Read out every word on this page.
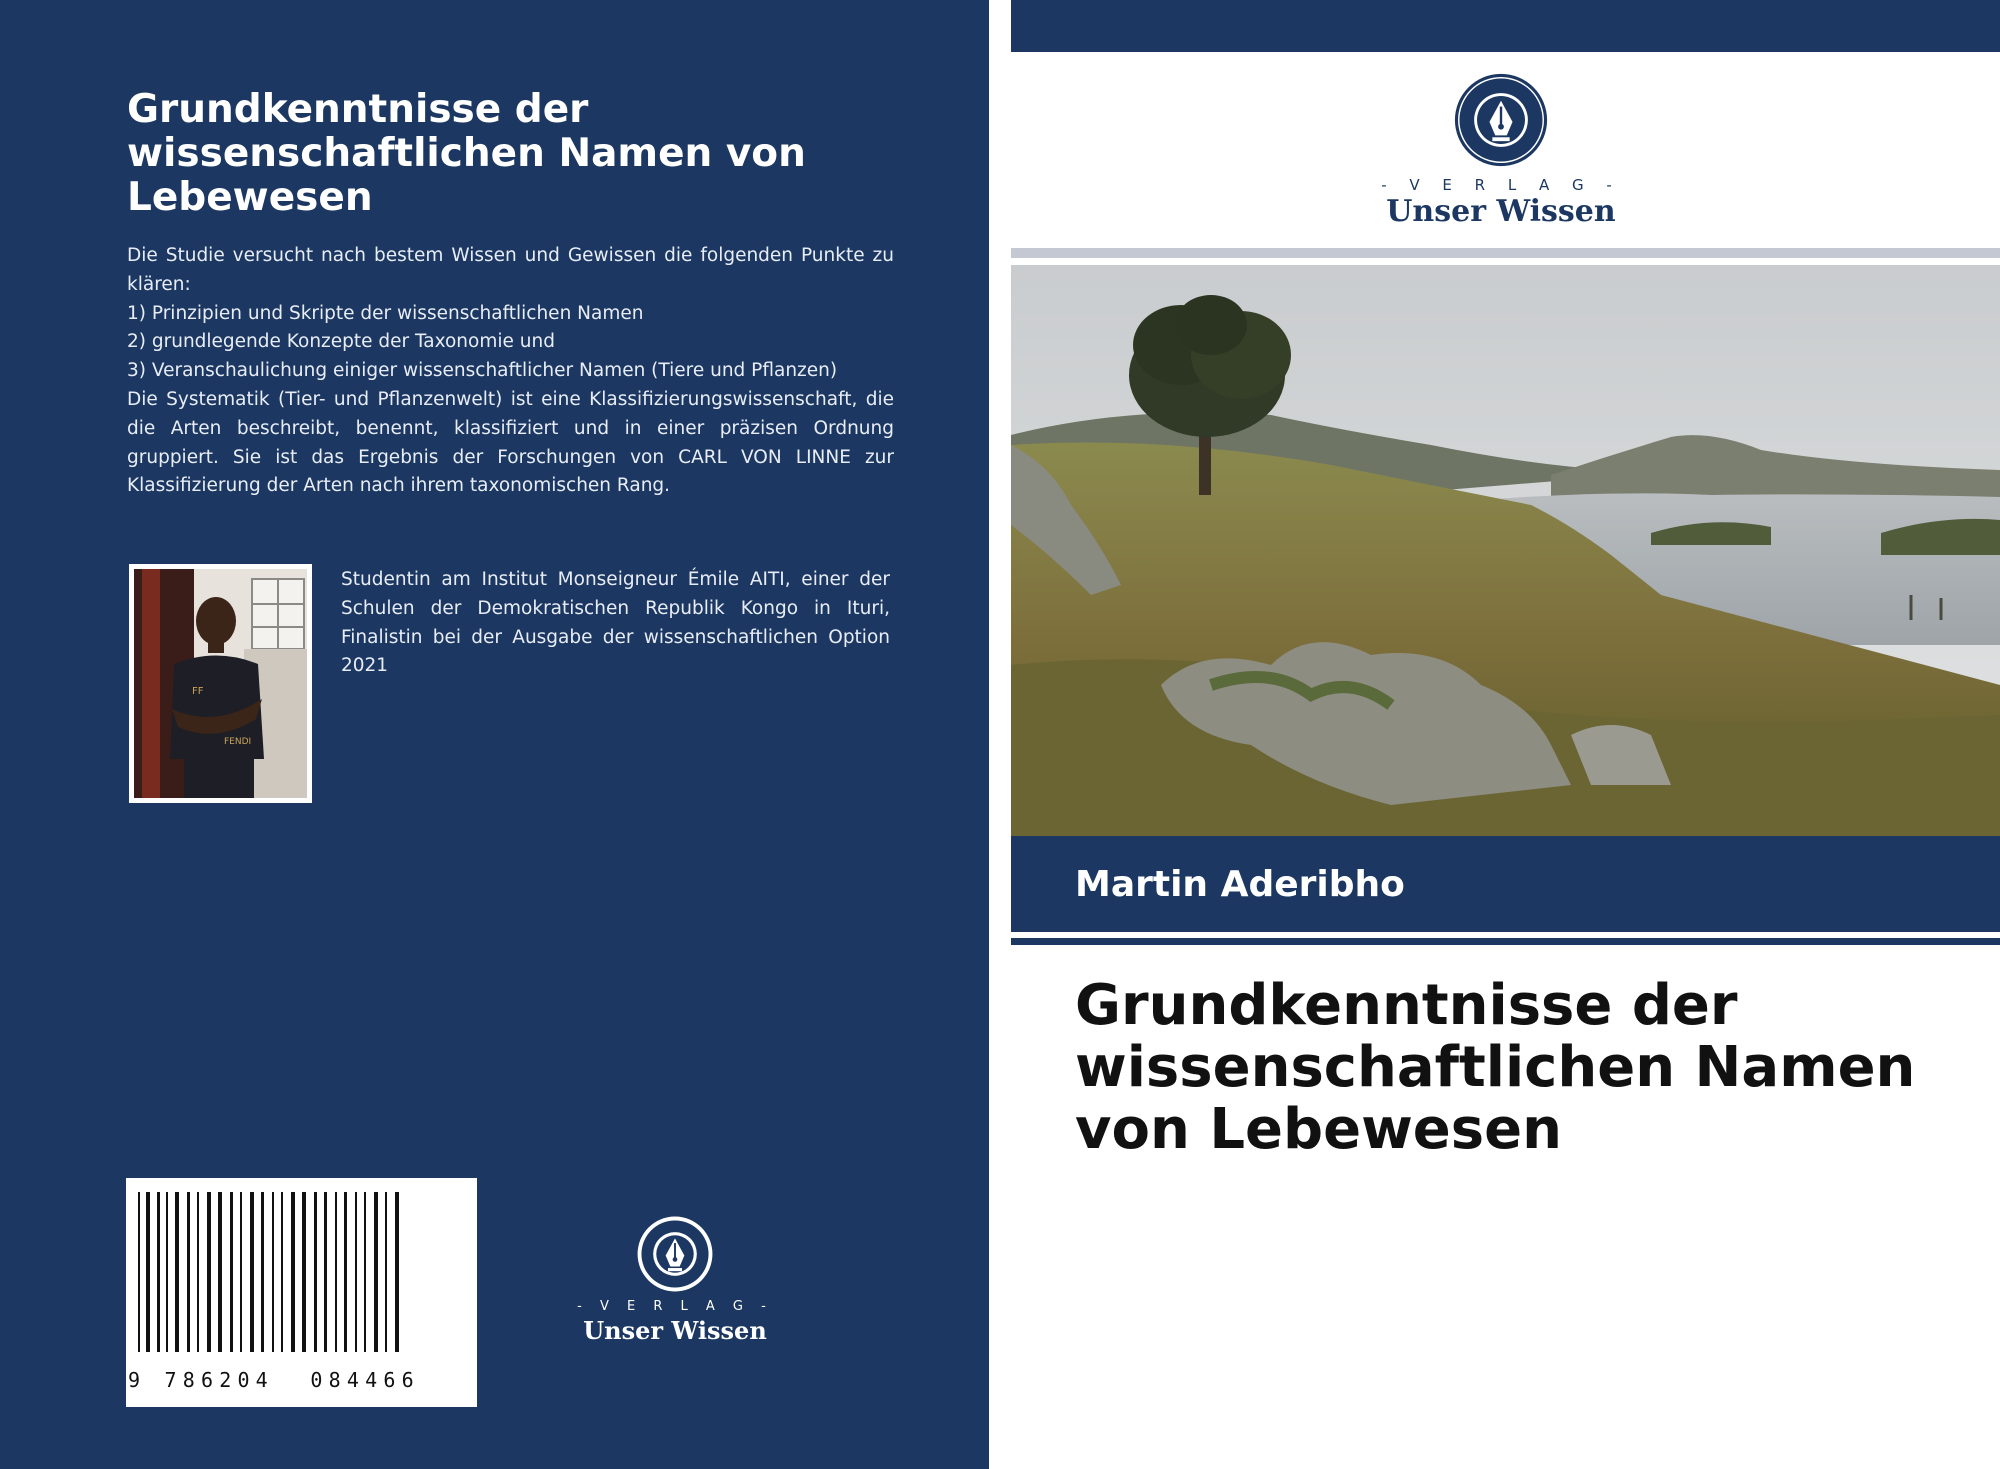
Grundkenntnisse der wissenschaftlichen Namen von Lebewesen

Die Studie versucht nach bestem Wissen und Gewissen die folgenden Punkte zu klären:

1) Prinzipien und Skripte der wissenschaftlichen Namen

2) grundlegende Konzepte der Taxonomie und

3) Veranschaulichung einiger wissenschaftlicher Namen (Tiere und Pflanzen)

Die Systematik (Tier- und Pflanzenwelt) ist eine Klassifizierungswissenschaft, die die Arten beschreibt, benennt, klassifiziert und in einer präzisen Ordnung gruppiert. Sie ist das Ergebnis der Forschungen von CARL VON LINNE zur Klassifizierung der Arten nach ihrem taxonomischen Rang.

FF
FENDI
Studentin am Institut Monseigneur Émile AITI, einer der Schulen der Demokratischen Republik Kongo in Ituri, Finalistin bei der Ausgabe der wissenschaftlichen Option 2021
9 786204  084466
- V E R L A G -
Unser Wissen
- V E R L A G -
Unser Wissen
Martin Aderibho
Grundkenntnisse der wissenschaftlichen Namen von Lebewesen
